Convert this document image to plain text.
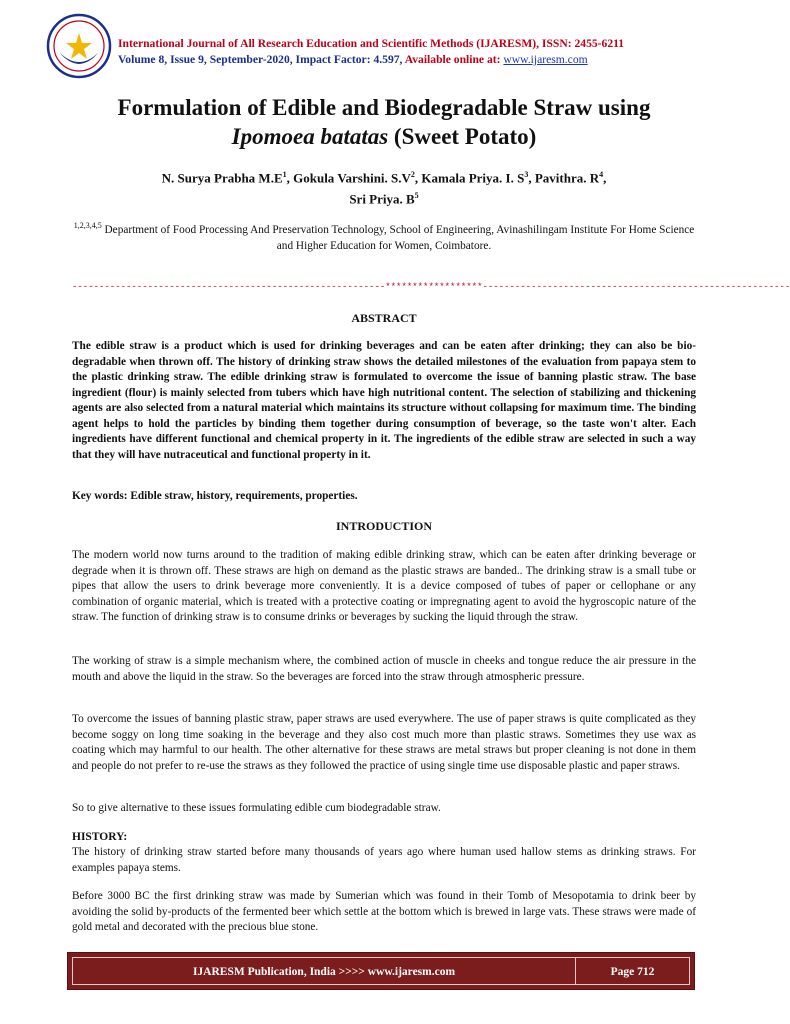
International Journal of All Research Education and Scientific Methods (IJARESM), ISSN: 2455-6211
Volume 8, Issue 9, September-2020, Impact Factor: 4.597, Available online at: www.ijaresm.com
Formulation of Edible and Biodegradable Straw using
Ipomoea batatas (Sweet Potato)
N. Surya Prabha $M.E^1$, Gokula Varshini. $S.V^2$, Kamala Priya. I. $S^3$, Pavithra. $R^4$,
Sri Priya. $B^5$
$^{1,2,3,4,5}$ Department of Food Processing And Preservation Technology, School of Engineering, Avinashilingam Institute For Home Science and Higher Education for Women, Coimbatore.
----------------------------------------------------------******************---------------------------------------------------------
ABSTRACT
The edible straw is a product which is used for drinking beverages and can be eaten after drinking; they can also be bio-degradable when thrown off. The history of drinking straw shows the detailed milestones of the evaluation from papaya stem to the plastic drinking straw. The edible drinking straw is formulated to overcome the issue of banning plastic straw. The base ingredient (flour) is mainly selected from tubers which have high nutritional content. The selection of stabilizing and thickening agents are also selected from a natural material which maintains its structure without collapsing for maximum time. The binding agent helps to hold the particles by binding them together during consumption of beverage, so the taste won't alter. Each ingredients have different functional and chemical property in it. The ingredients of the edible straw are selected in such a way that they will have nutraceutical and functional property in it.
Key words: Edible straw, history, requirements, properties.
INTRODUCTION
The modern world now turns around to the tradition of making edible drinking straw, which can be eaten after drinking beverage or degrade when it is thrown off. These straws are high on demand as the plastic straws are banded.. The drinking straw is a small tube or pipes that allow the users to drink beverage more conveniently. It is a device composed of tubes of paper or cellophane or any combination of organic material, which is treated with a protective coating or impregnating agent to avoid the hygroscopic nature of the straw. The function of drinking straw is to consume drinks or beverages by sucking the liquid through the straw.
The working of straw is a simple mechanism where, the combined action of muscle in cheeks and tongue reduce the air pressure in the mouth and above the liquid in the straw. So the beverages are forced into the straw through atmospheric pressure.
To overcome the issues of banning plastic straw, paper straws are used everywhere. The use of paper straws is quite complicated as they become soggy on long time soaking in the beverage and they also cost much more than plastic straws. Sometimes they use wax as coating which may harmful to our health. The other alternative for these straws are metal straws but proper cleaning is not done in them and people do not prefer to re-use the straws as they followed the practice of using single time use disposable plastic and paper straws.
So to give alternative to these issues formulating edible cum biodegradable straw.
HISTORY:
The history of drinking straw started before many thousands of years ago where human used hallow stems as drinking straws. For examples papaya stems.
Before 3000 BC the first drinking straw was made by Sumerian which was found in their Tomb of Mesopotamia to drink beer by avoiding the solid by-products of the fermented beer which settle at the bottom which is brewed in large vats. These straws were made of gold metal and decorated with the precious blue stone.
IJARESM Publication, India >>>> www.ijaresm.com	Page 712
